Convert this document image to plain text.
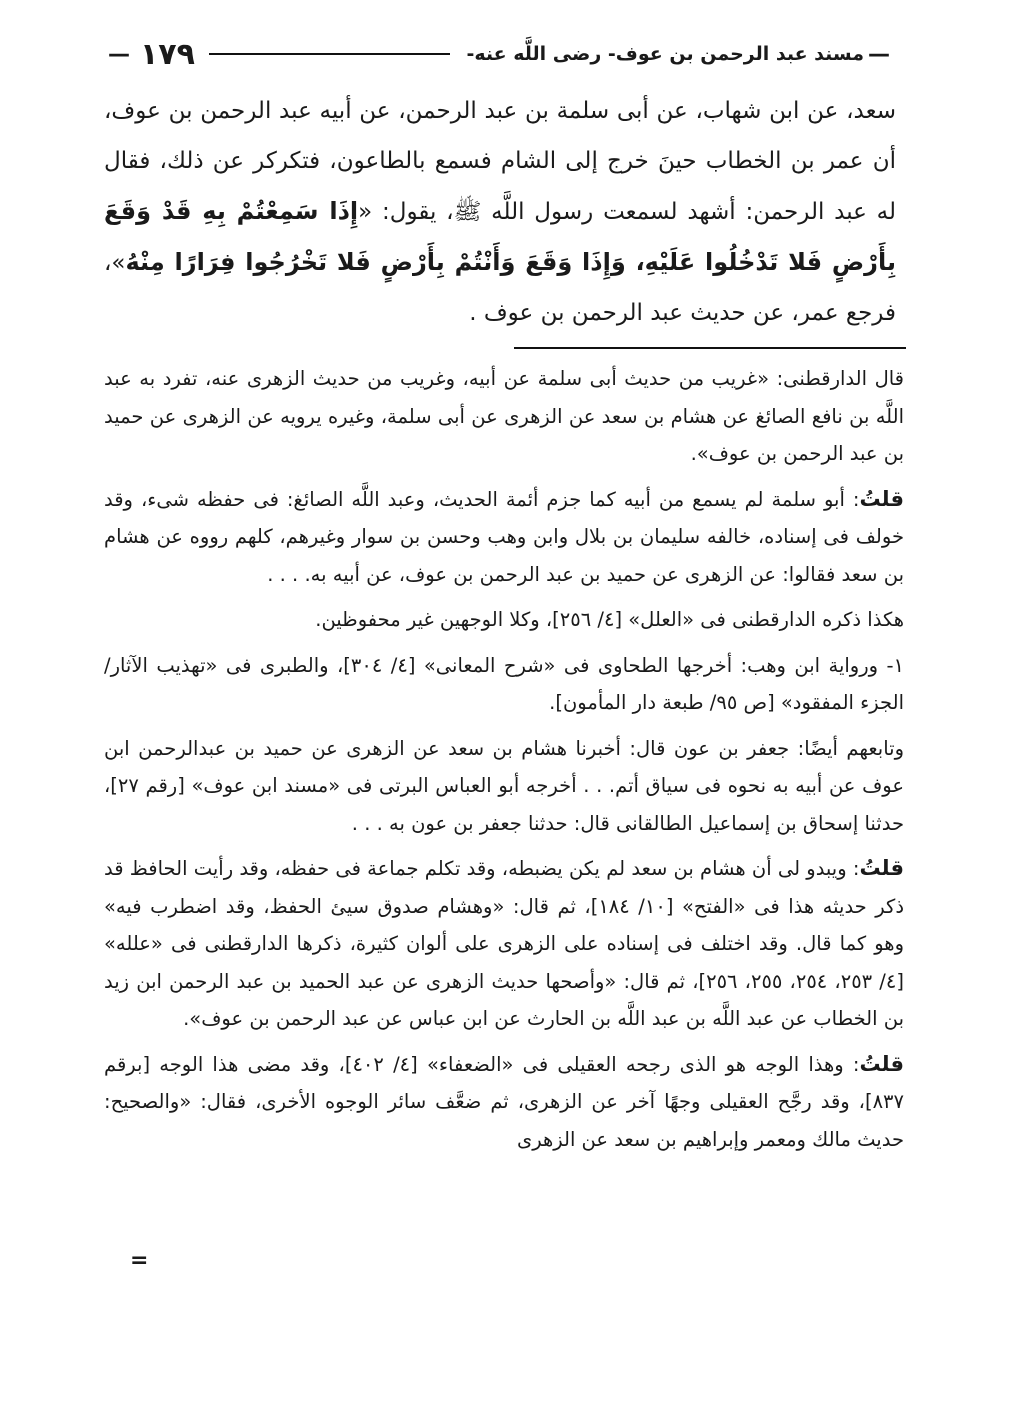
—
مسند عبد الرحمن بن عوف- رضى اللَّه عنه-
١٧٩
—
سعد، عن ابن شهاب، عن أبى سلمة بن عبد الرحمن، عن أبيه عبد الرحمن بن عوف، أن عمر بن الخطاب حينَ خرج إلى الشام فسمع بالطاعون، فتكركر عن ذلك، فقال له عبد الرحمن: أشهد لسمعت رسول اللَّه ﷺ، يقول: «إِذَا سَمِعْتُمْ بِهِ قَدْ وَقَعَ بِأَرْضٍ فَلا تَدْخُلُوا عَلَيْهِ، وَإِذَا وَقَعَ وَأَنْتُمْ بِأَرْضٍ فَلا تَخْرُجُوا فِرَارًا مِنْهُ»، فرجع عمر، عن حديث عبد الرحمن بن عوف .

قال الدارقطنى: «غريب من حديث أبى سلمة عن أبيه، وغريب من حديث الزهرى عنه، تفرد به عبد اللَّه بن نافع الصائغ عن هشام بن سعد عن الزهرى عن أبى سلمة، وغيره يرويه عن الزهرى عن حميد بن عبد الرحمن بن عوف».

قلتُ: أبو سلمة لم يسمع من أبيه كما جزم أئمة الحديث، وعبد اللَّه الصائغ: فى حفظه شىء، وقد خولف فى إسناده، خالفه سليمان بن بلال وابن وهب وحسن بن سوار وغيرهم، كلهم رووه عن هشام بن سعد فقالوا: عن الزهرى عن حميد بن عبد الرحمن بن عوف، عن أبيه به. . . .

هكذا ذكره الدارقطنى فى «العلل» [٤/ ٢٥٦]، وكلا الوجهين غير محفوظين.

١- ورواية ابن وهب: أخرجها الطحاوى فى «شرح المعانى» [٤/ ٣٠٤]، والطبرى فى «تهذيب الآثار/ الجزء المفقود» [ص ٩٥/ طبعة دار المأمون].

وتابعهم أيضًا: جعفر بن عون قال: أخبرنا هشام بن سعد عن الزهرى عن حميد بن عبدالرحمن ابن عوف عن أبيه به نحوه فى سياق أتم. . . أخرجه أبو العباس البرتى فى «مسند ابن عوف» [رقم ٢٧]، حدثنا إسحاق بن إسماعيل الطالقانى قال: حدثنا جعفر بن عون به . . .

قلتُ: ويبدو لى أن هشام بن سعد لم يكن يضبطه، وقد تكلم جماعة فى حفظه، وقد رأيت الحافظ قد ذكر حديثه هذا فى «الفتح» [١٠/ ١٨٤]، ثم قال: «وهشام صدوق سيئ الحفظ، وقد اضطرب فيه» وهو كما قال. وقد اختلف فى إسناده على الزهرى على ألوان كثيرة، ذكرها الدارقطنى فى «علله» [٤/ ٢٥٣، ٢٥٤، ٢٥٥، ٢٥٦]، ثم قال: «وأصحها حديث الزهرى عن عبد الحميد بن عبد الرحمن ابن زيد بن الخطاب عن عبد اللَّه بن عبد اللَّه بن الحارث عن ابن عباس عن عبد الرحمن بن عوف».

قلتُ: وهذا الوجه هو الذى رجحه العقيلى فى «الضعفاء» [٤/ ٤٠٢]، وقد مضى هذا الوجه [برقم ٨٣٧]، وقد رجَّح العقيلى وجهًا آخر عن الزهرى، ثم ضعَّف سائر الوجوه الأخرى، فقال: «والصحيح: حديث مالك ومعمر وإبراهيم بن سعد عن الزهرى

=
